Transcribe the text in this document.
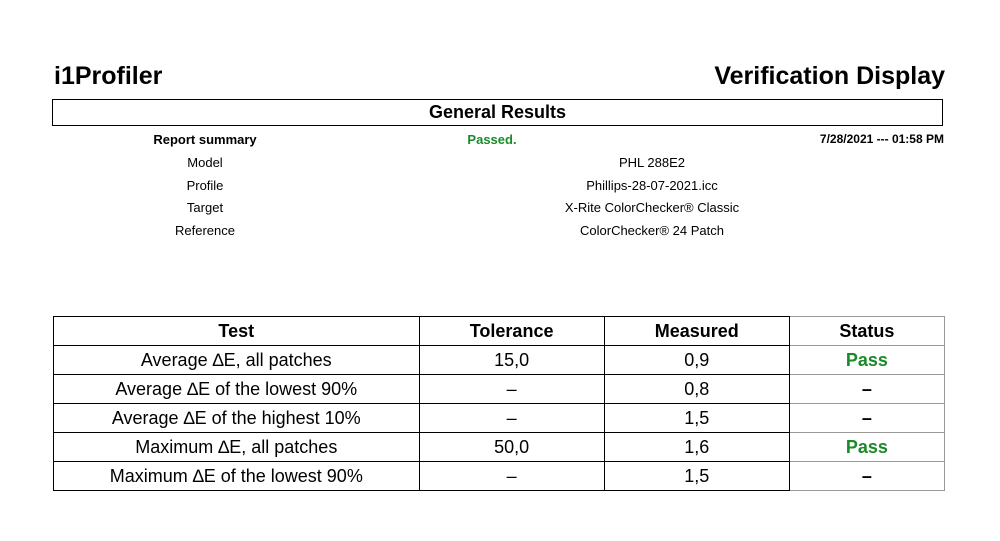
i1Profiler	Verification Display
General Results
Report summary	Passed.	7/28/2021 --- 01:58 PM
Model	PHL 288E2
Profile	Phillips-28-07-2021.icc
Target	X-Rite ColorChecker® Classic
Reference	ColorChecker® 24 Patch
Test	Tolerance	Measured	Status
Average ∆E, all patches	15,0	0,9	Pass
Average ∆E of the lowest 90%	–	0,8	–
Average ∆E of the highest 10%	–	1,5	–
Maximum ∆E, all patches	50,0	1,6	Pass
Maximum ∆E of the lowest 90%	–	1,5	–
